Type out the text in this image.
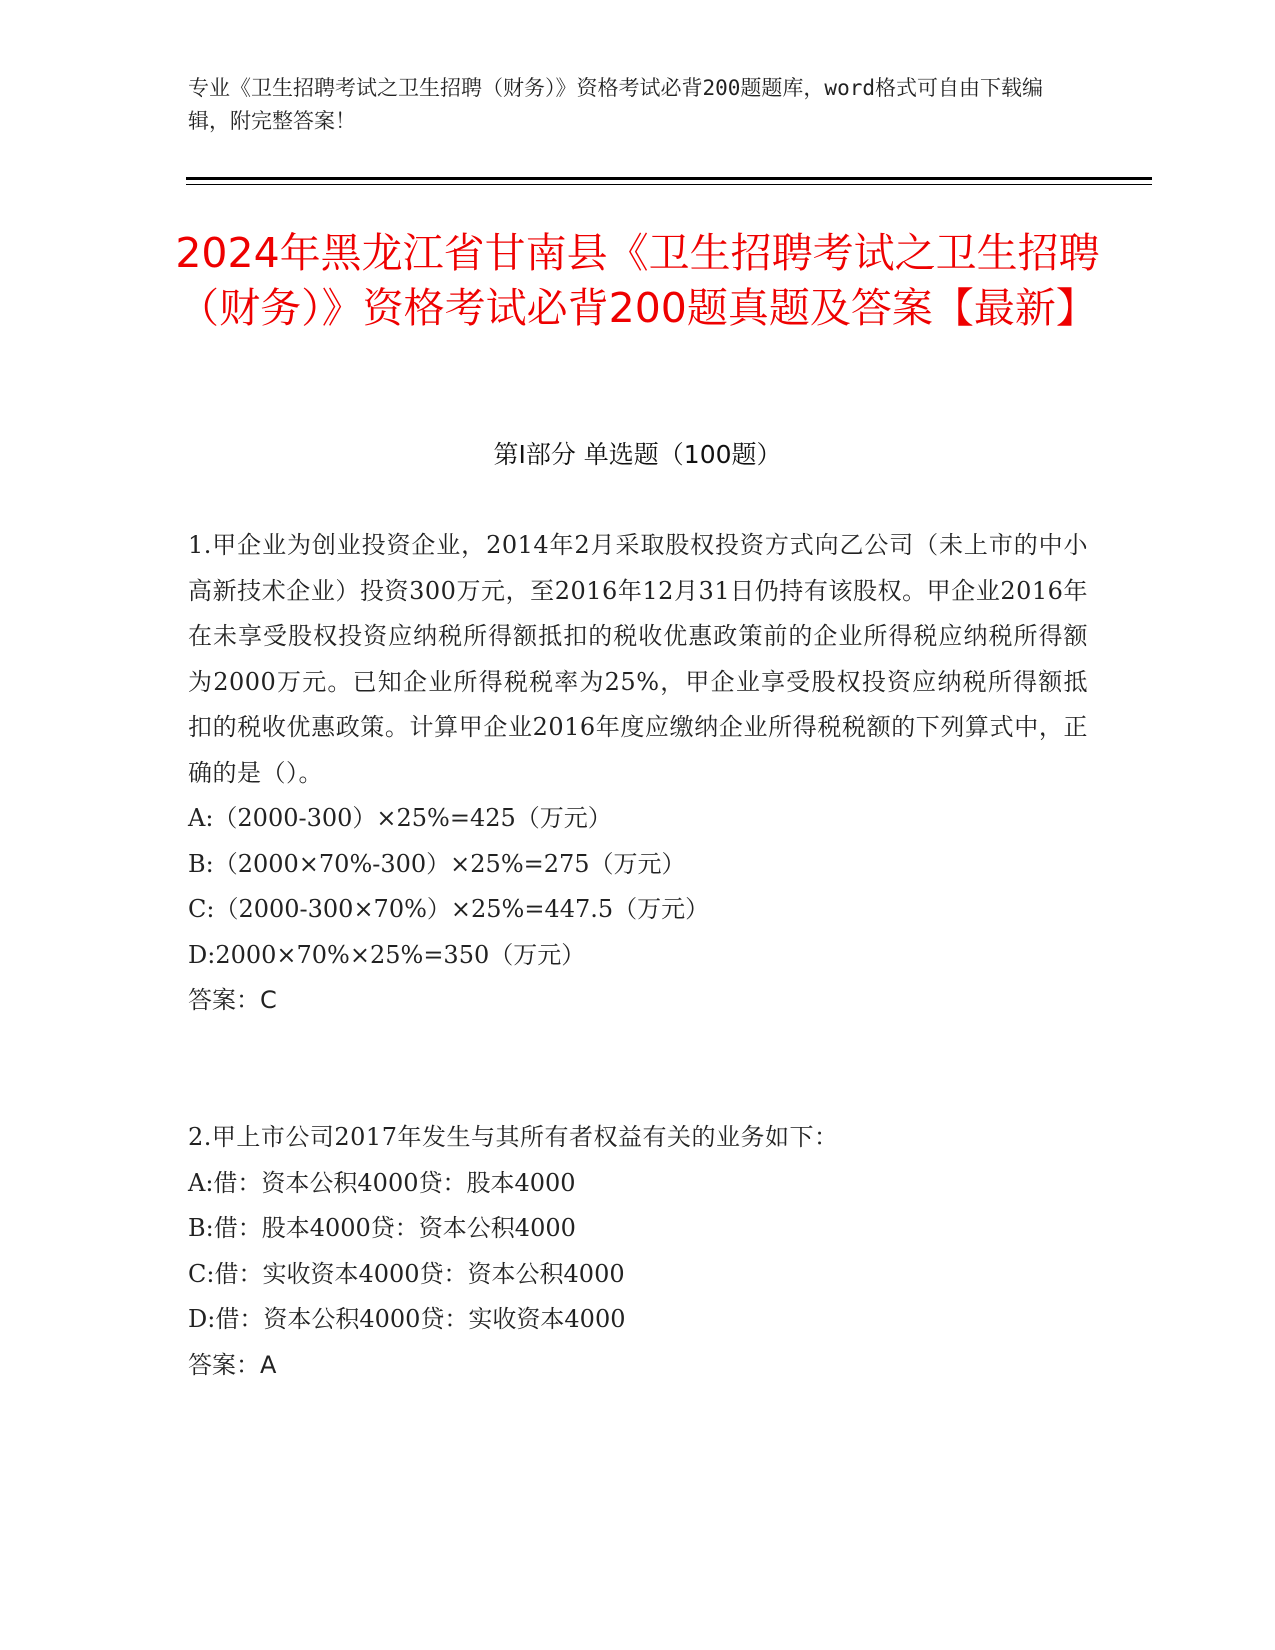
专业《卫生招聘考试之卫生招聘（财务）》资格考试必背200题题库，word格式可自由下载编辑，附完整答案！
2024年黑龙江省甘南县《卫生招聘考试之卫生招聘（财务）》资格考试必背200题真题及答案【最新】
第I部分 单选题（100题）

1.甲企业为创业投资企业，2014年2月采取股权投资方式向乙公司（未上市的中小高新技术企业）投资300万元，至2016年12月31日仍持有该股权。甲企业2016年在未享受股权投资应纳税所得额抵扣的税收优惠政策前的企业所得税应纳税所得额为2000万元。已知企业所得税税率为25%，甲企业享受股权投资应纳税所得额抵扣的税收优惠政策。计算甲企业2016年度应缴纳企业所得税税额的下列算式中，正确的是（）。

A:（2000-300）×25%=425（万元）

B:（2000×70%-300）×25%=275（万元）

C:（2000-300×70%）×25%=447.5（万元）

D:2000×70%×25%=350（万元）

答案：C

2.甲上市公司2017年发生与其所有者权益有关的业务如下：

A:借：资本公积4000贷：股本4000

B:借：股本4000贷：资本公积4000

C:借：实收资本4000贷：资本公积4000

D:借：资本公积4000贷：实收资本4000

答案：A
